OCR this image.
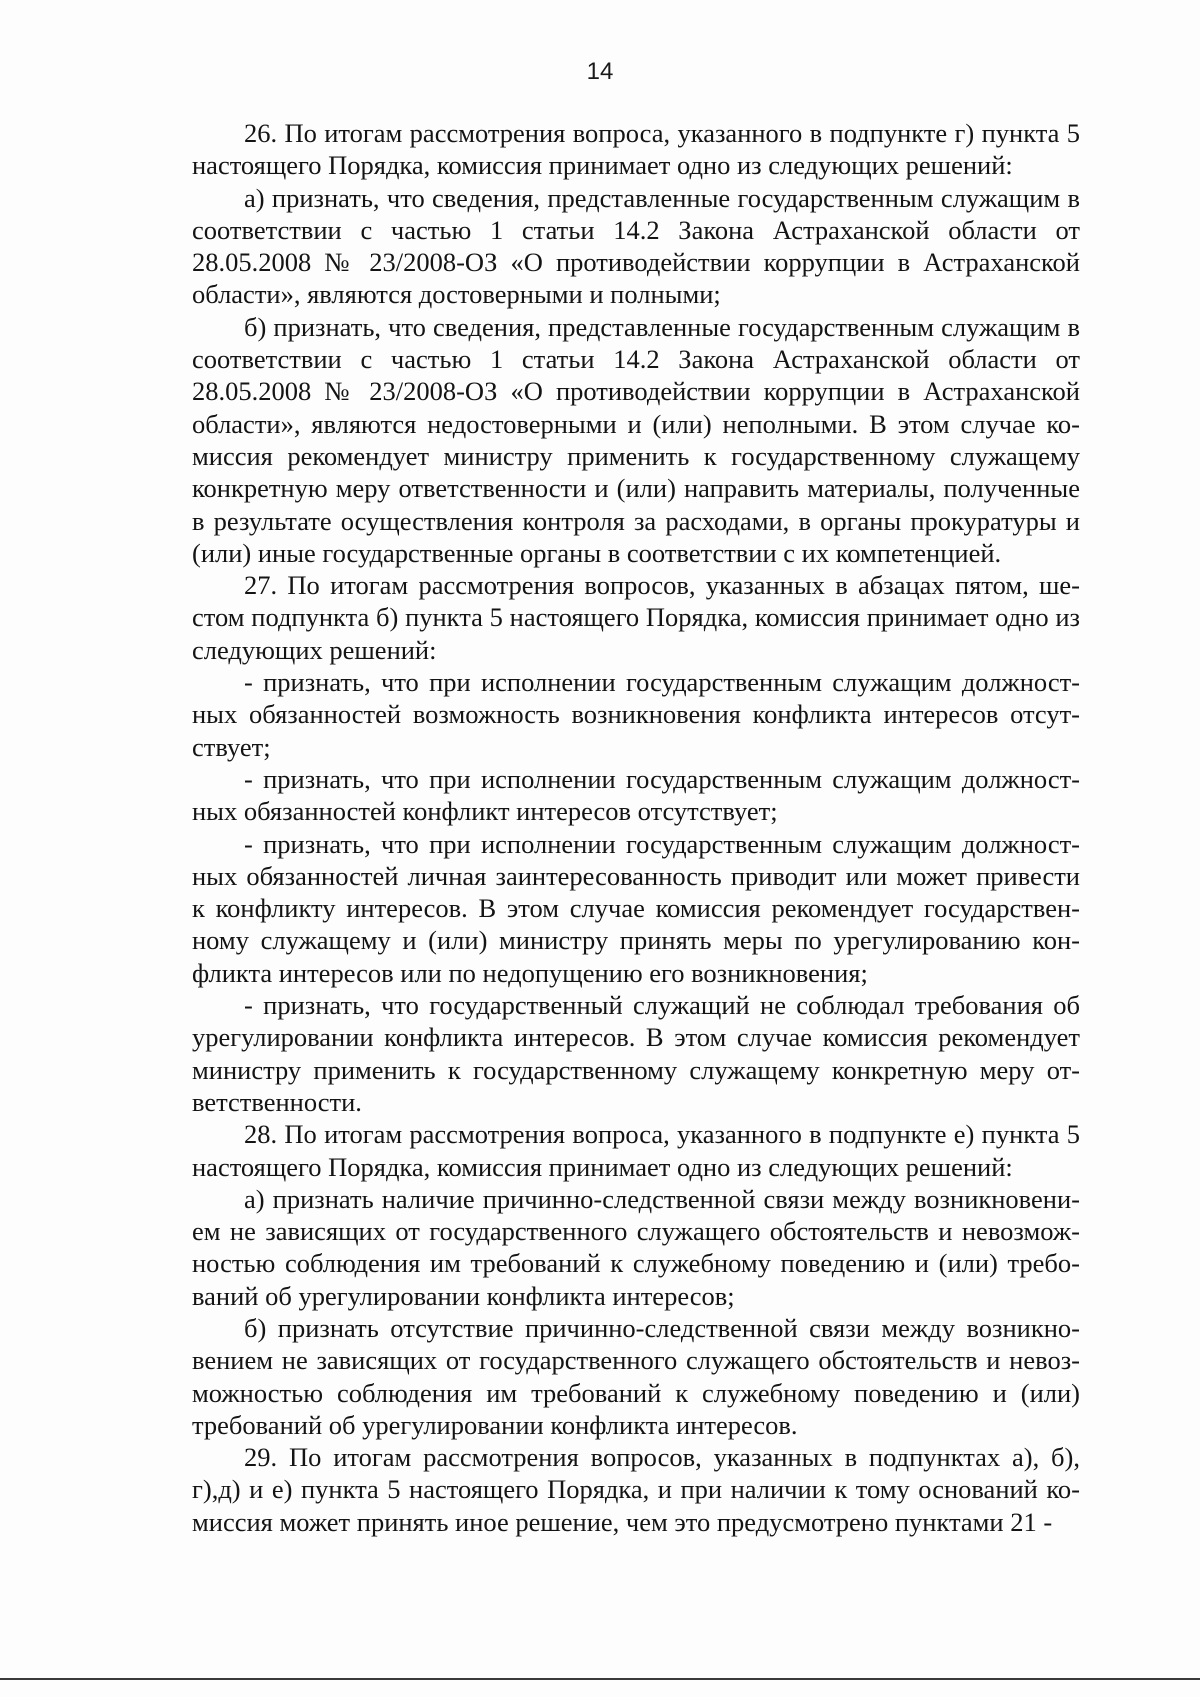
14

26. По итогам рассмотрения вопроса, указанного в подпункте г) пункта 5 настоящего Порядка, комиссия принимает одно из следующих решений:

а) признать, что сведения, представленные государственным служащим в соответствии с частью 1 статьи 14.2 Закона Астраханской области от 28.05.2008 № 23/2008-ОЗ «О противодействии коррупции в Астраханской области», являются достоверными и полными;

б) признать, что сведения, представленные государственным служащим в соответствии с частью 1 статьи 14.2 Закона Астраханской области от 28.05.2008 № 23/2008-ОЗ «О противодействии коррупции в Астраханской области», являются недостоверными и (или) неполными. В этом случае комиссия рекомендует министру применить к государственному служащему конкретную меру ответственности и (или) направить материалы, полученные в результате осуществления контроля за расходами, в органы прокуратуры и (или) иные государственные органы в соответствии с их компетенцией.

27. По итогам рассмотрения вопросов, указанных в абзацах пятом, шестом подпункта б) пункта 5 настоящего Порядка, комиссия принимает одно из следующих решений:

- признать, что при исполнении государственным служащим должностных обязанностей возможность возникновения конфликта интересов отсутствует;

- признать, что при исполнении государственным служащим должностных обязанностей конфликт интересов отсутствует;

- признать, что при исполнении государственным служащим должностных обязанностей личная заинтересованность приводит или может привести к конфликту интересов. В этом случае комиссия рекомендует государственному служащему и (или) министру принять меры по урегулированию конфликта интересов или по недопущению его возникновения;

- признать, что государственный служащий не соблюдал требования об урегулировании конфликта интересов. В этом случае комиссия рекомендует министру применить к государственному служащему конкретную меру ответственности.

28. По итогам рассмотрения вопроса, указанного в подпункте е) пункта 5 настоящего Порядка, комиссия принимает одно из следующих решений:

а) признать наличие причинно-следственной связи между возникновением не зависящих от государственного служащего обстоятельств и невозможностью соблюдения им требований к служебному поведению и (или) требований об урегулировании конфликта интересов;

б) признать отсутствие причинно-следственной связи между возникновением не зависящих от государственного служащего обстоятельств и невозможностью соблюдения им требований к служебному поведению и (или) требований об урегулировании конфликта интересов.

29. По итогам рассмотрения вопросов, указанных в подпунктах а), б), г),д) и е) пункта 5 настоящего Порядка, и при наличии к тому оснований комиссия может принять иное решение, чем это предусмотрено пунктами 21 -
